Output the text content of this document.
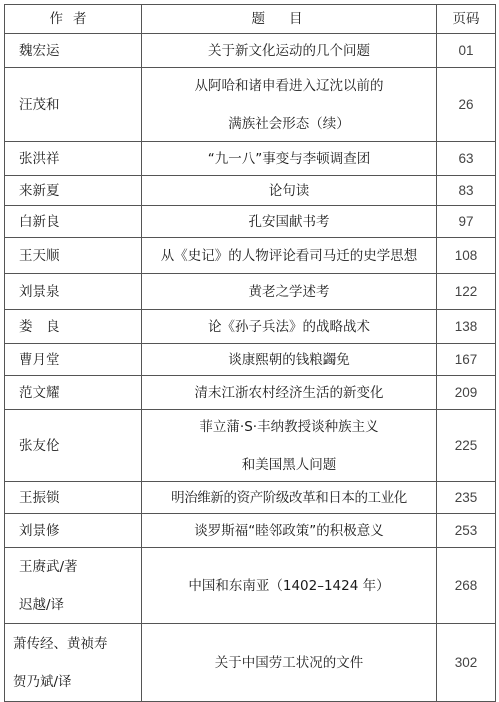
作者	题目	页码

魏宏运	关于新文化运动的几个问题	01

汪茂和	从阿哈和诸申看进入辽沈以前的
满族社会形态（续）	26

张洪祥	“九一八”事变与李顿调查团	63

来新夏	论句读	83

白新良	孔安国献书考	97

王天顺	从《史记》的人物评论看司马迁的史学思想	108

刘景泉	黄老之学述考	122

娄　良	论《孙子兵法》的战略战术	138

曹月堂	谈康熙朝的钱粮蠲免	167

范文耀	清末江浙农村经济生活的新变化	209

张友伦	菲立蒲·S·丰纳教授谈种族主义
和美国黑人问题	225

王振锁	明治维新的资产阶级改革和日本的工业化	235

刘景修	谈罗斯福“睦邻政策”的积极意义	253

王赓武/著
迟越/译	中国和东南亚（1402–1424 年）	268

萧传经、黄祯寿
贺乃斌/译	关于中国劳工状况的文件	302
